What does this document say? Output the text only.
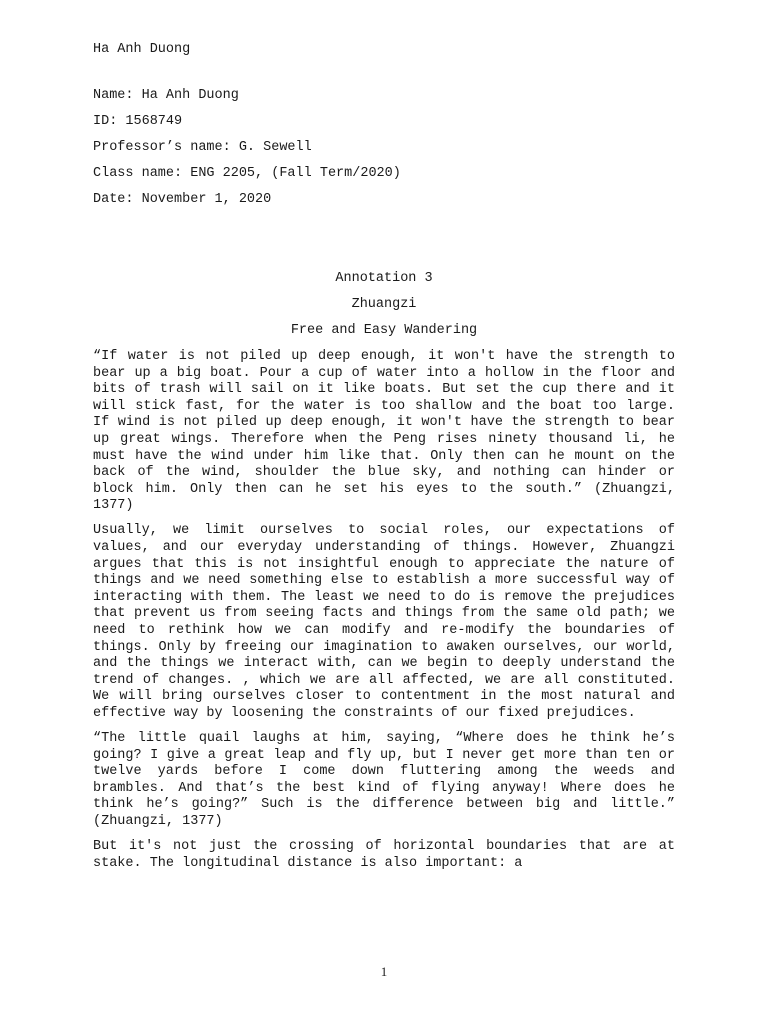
Ha Anh Duong

Name: Ha Anh Duong
ID: 1568749
Professor’s name: G. Sewell
Class name: ENG 2205, (Fall Term/2020)
Date: November 1, 2020
Annotation 3
Zhuangzi
Free and Easy Wandering

“If water is not piled up deep enough, it won't have the strength to bear up a big boat. Pour a cup of water into a hollow in the floor and bits of trash will sail on it like boats. But set the cup there and it will stick fast, for the water is too shallow and the boat too large. If wind is not piled up deep enough, it won't have the strength to bear up great wings. Therefore when the Peng rises ninety thousand li, he must have the wind under him like that. Only then can he mount on the back of the wind, shoulder the blue sky, and nothing can hinder or block him. Only then can he set his eyes to the south.” (Zhuangzi, 1377)

Usually, we limit ourselves to social roles, our expectations of values, and our everyday understanding of things. However, Zhuangzi argues that this is not insightful enough to appreciate the nature of things and we need something else to establish a more successful way of interacting with them. The least we need to do is remove the prejudices that prevent us from seeing facts and things from the same old path; we need to rethink how we can modify and re-modify the boundaries of things. Only by freeing our imagination to awaken ourselves, our world, and the things we interact with, can we begin to deeply understand the trend of changes. , which we are all affected, we are all constituted. We will bring ourselves closer to contentment in the most natural and effective way by loosening the constraints of our fixed prejudices.

“The little quail laughs at him, saying, “Where does he think he’s going? I give a great leap and fly up, but I never get more than ten or twelve yards before I come down fluttering among the weeds and brambles. And that’s the best kind of flying anyway! Where does he think he’s going?” Such is the difference between big and little.” (Zhuangzi, 1377)

But it's not just the crossing of horizontal boundaries that are at stake. The longitudinal distance is also important: a

1
